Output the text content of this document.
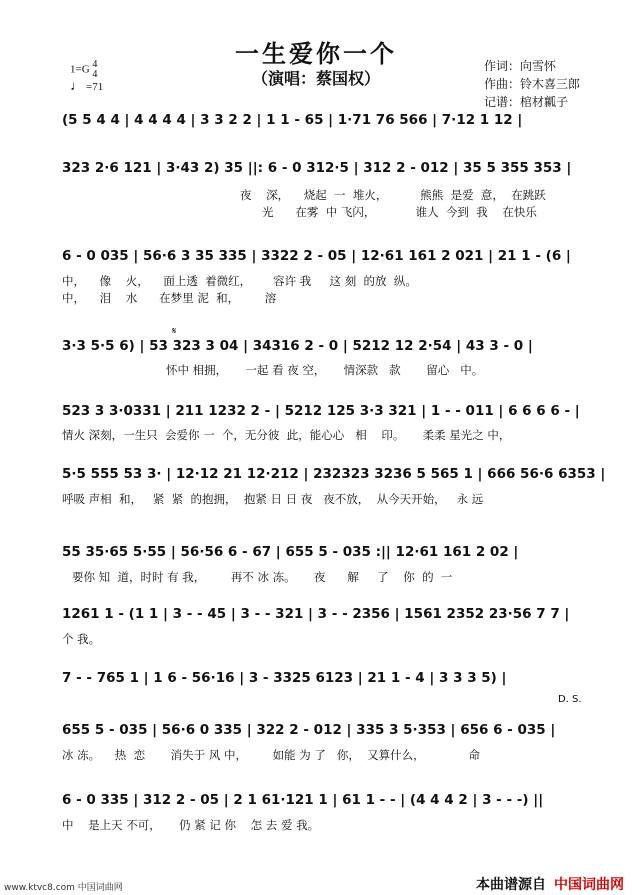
一生爱你一个
（演唱：蔡国权）
1=G 4
4
♩ =71
作词：向雪怀
作曲：铃木喜三郎
记谱：棺材瓤子
(5 5 4 4 | 4 4 4 4 | 3 3 2 2 | 1 1 - 65 | 1·71 76 566 | 7·12 1 12 |
323 2·6 121 | 3·43 2) 35 ||: 6 - 0 312·5 | 312 2 - 012 | 35 5 355 353 |
夜    深，    烧起  一  堆火，         熊熊  是爱  意，  在跳跃
光      在雾  中 飞闪，           谁人  今到  我    在快乐
6 - 0 035 | 56·6 3 35 335 | 3322 2 - 05 | 12·61 161 2 021 | 21 1 - (6 |
中，    像    火，    面上透  着微红，      容许 我     这 刻  的放  纵。
中，    泪    水      在梦里 泥  和，       溶
𝄋
3·3 5·5 6) | 53 323 3 04 | 34316 2 - 0 | 5212 12 2·54 | 43 3 - 0 |
怀中 相拥，     一起 看 夜 空，     情深款   款       留心   中。
523 3 3·0331 | 211 1232 2 - | 5212 125 3·3 321 | 1 - - 011 | 6 6 6 6 - |
情火 深刻，一生只  会爱你 一  个，无分彼  此，能心心   相    印。     柔柔 星光之 中，
5·5 555 53 3· | 12·12 21 12·212 | 232323 3236 5 565 1 | 666 56·6 6353 |
呼吸 声相  和，   紧  紧  的抱拥，  抱紧 日 日 夜   夜不放，  从今天开始，   永 远
55 35·65 5·55 | 56·56 6 - 67 | 655 5 - 035 :|| 12·61 161 2 02 |
要你 知  道，时时 有 我，       再不 冰 冻。     夜      解     了    你  的  一
1261 1 - (1 1 | 3 - - 45 | 3 - - 321 | 3 - - 2356 | 1561 2352 23·56 7 7 |
个 我。
7 - - 765 1 | 1 6 - 56·16 | 3 - 3325 6123 | 21 1 - 4 | 3 3 3 5) |
D. S.
655 5 - 035 | 56·6 0 335 | 322 2 - 012 | 335 3 5·353 | 656 6 - 035 |
冰 冻。    热  恋       消失于 风 中，       如能 为 了   你，  又算什么，            命
6 - 0 335 | 312 2 - 05 | 2 1 61·121 1 | 61 1 - - | (4 4 4 2 | 3 - - -) ||
中    是上天 不可，     仍 紧 记 你    怎 去 爱 我。
www.ktvc8.com 中国词曲网	本曲谱源自 中国词曲网
